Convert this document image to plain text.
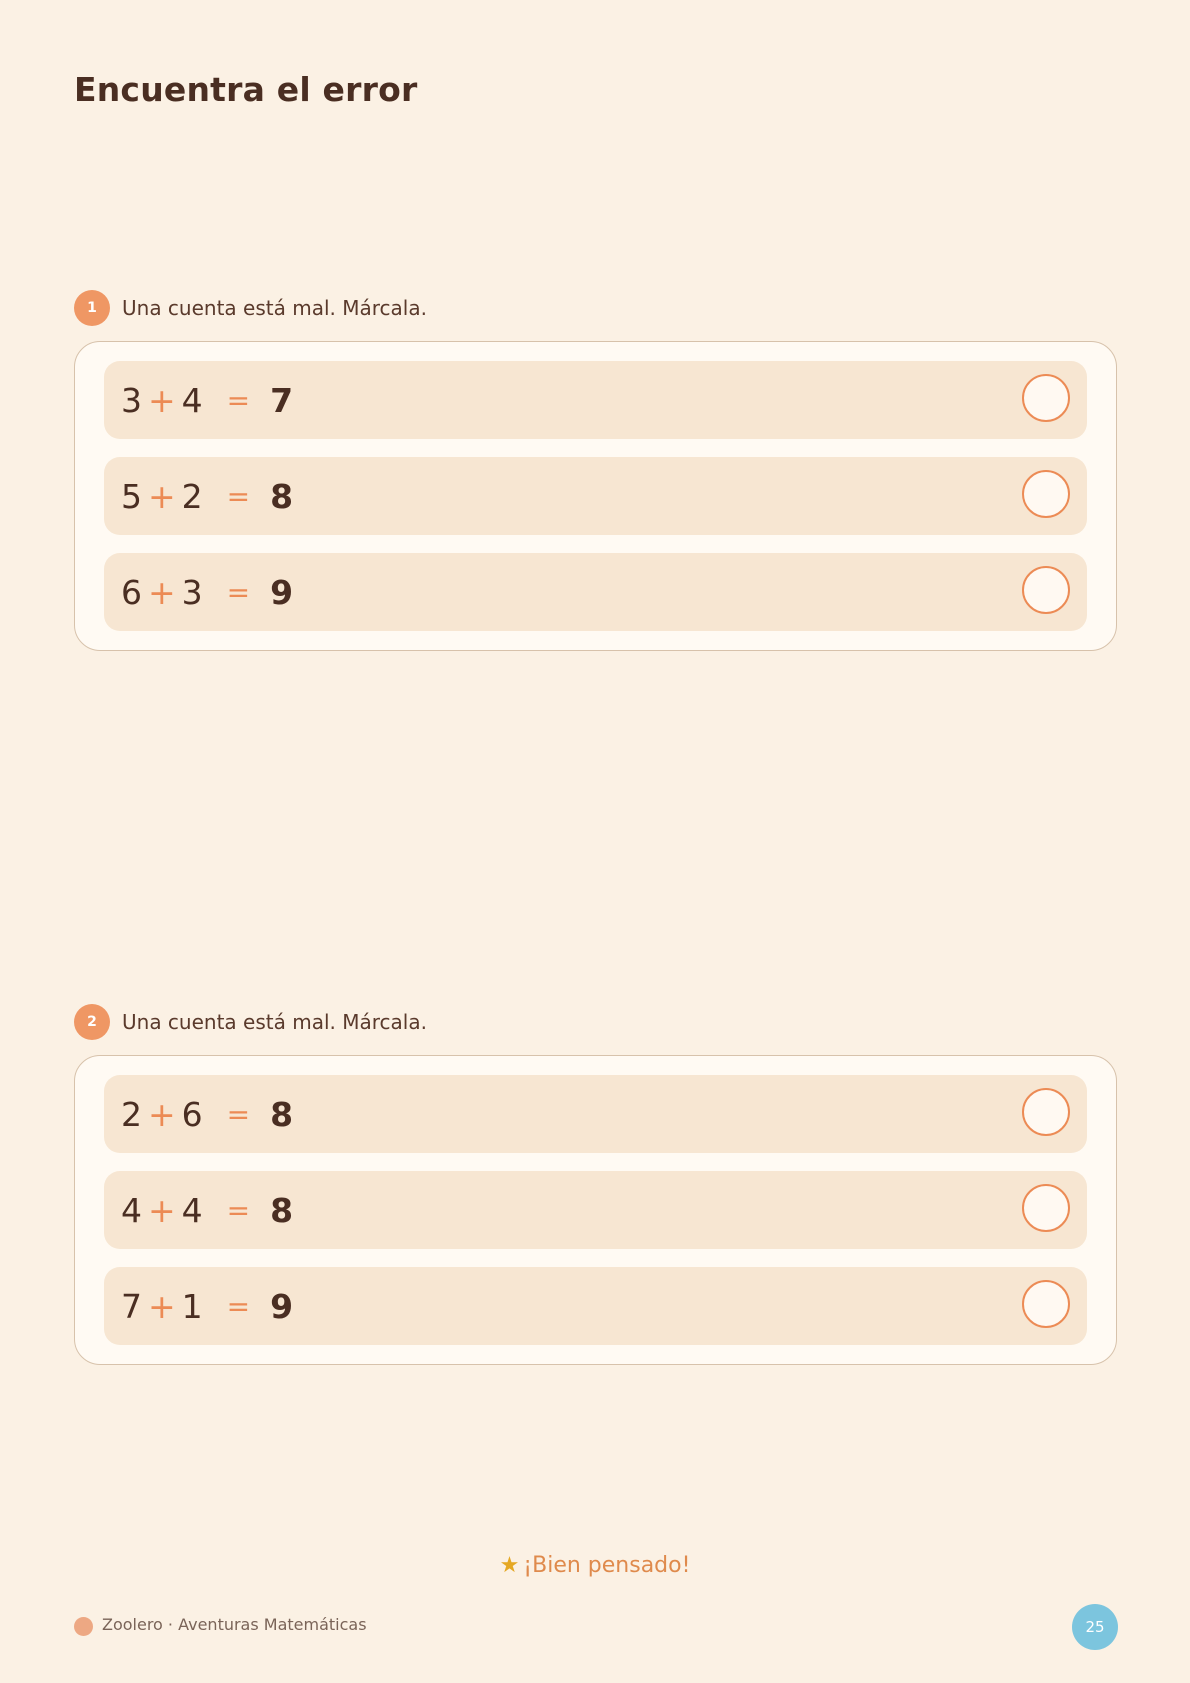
Encuentra el error
1	Una cuenta está mal. Márcala.
3 + 4 = 7
5 + 2 = 8
6 + 3 = 9
2	Una cuenta está mal. Márcala.
2 + 6 = 8
4 + 4 = 8
7 + 1 = 9
★ ¡Bien pensado!
Zoolero · Aventuras Matemáticas	25
